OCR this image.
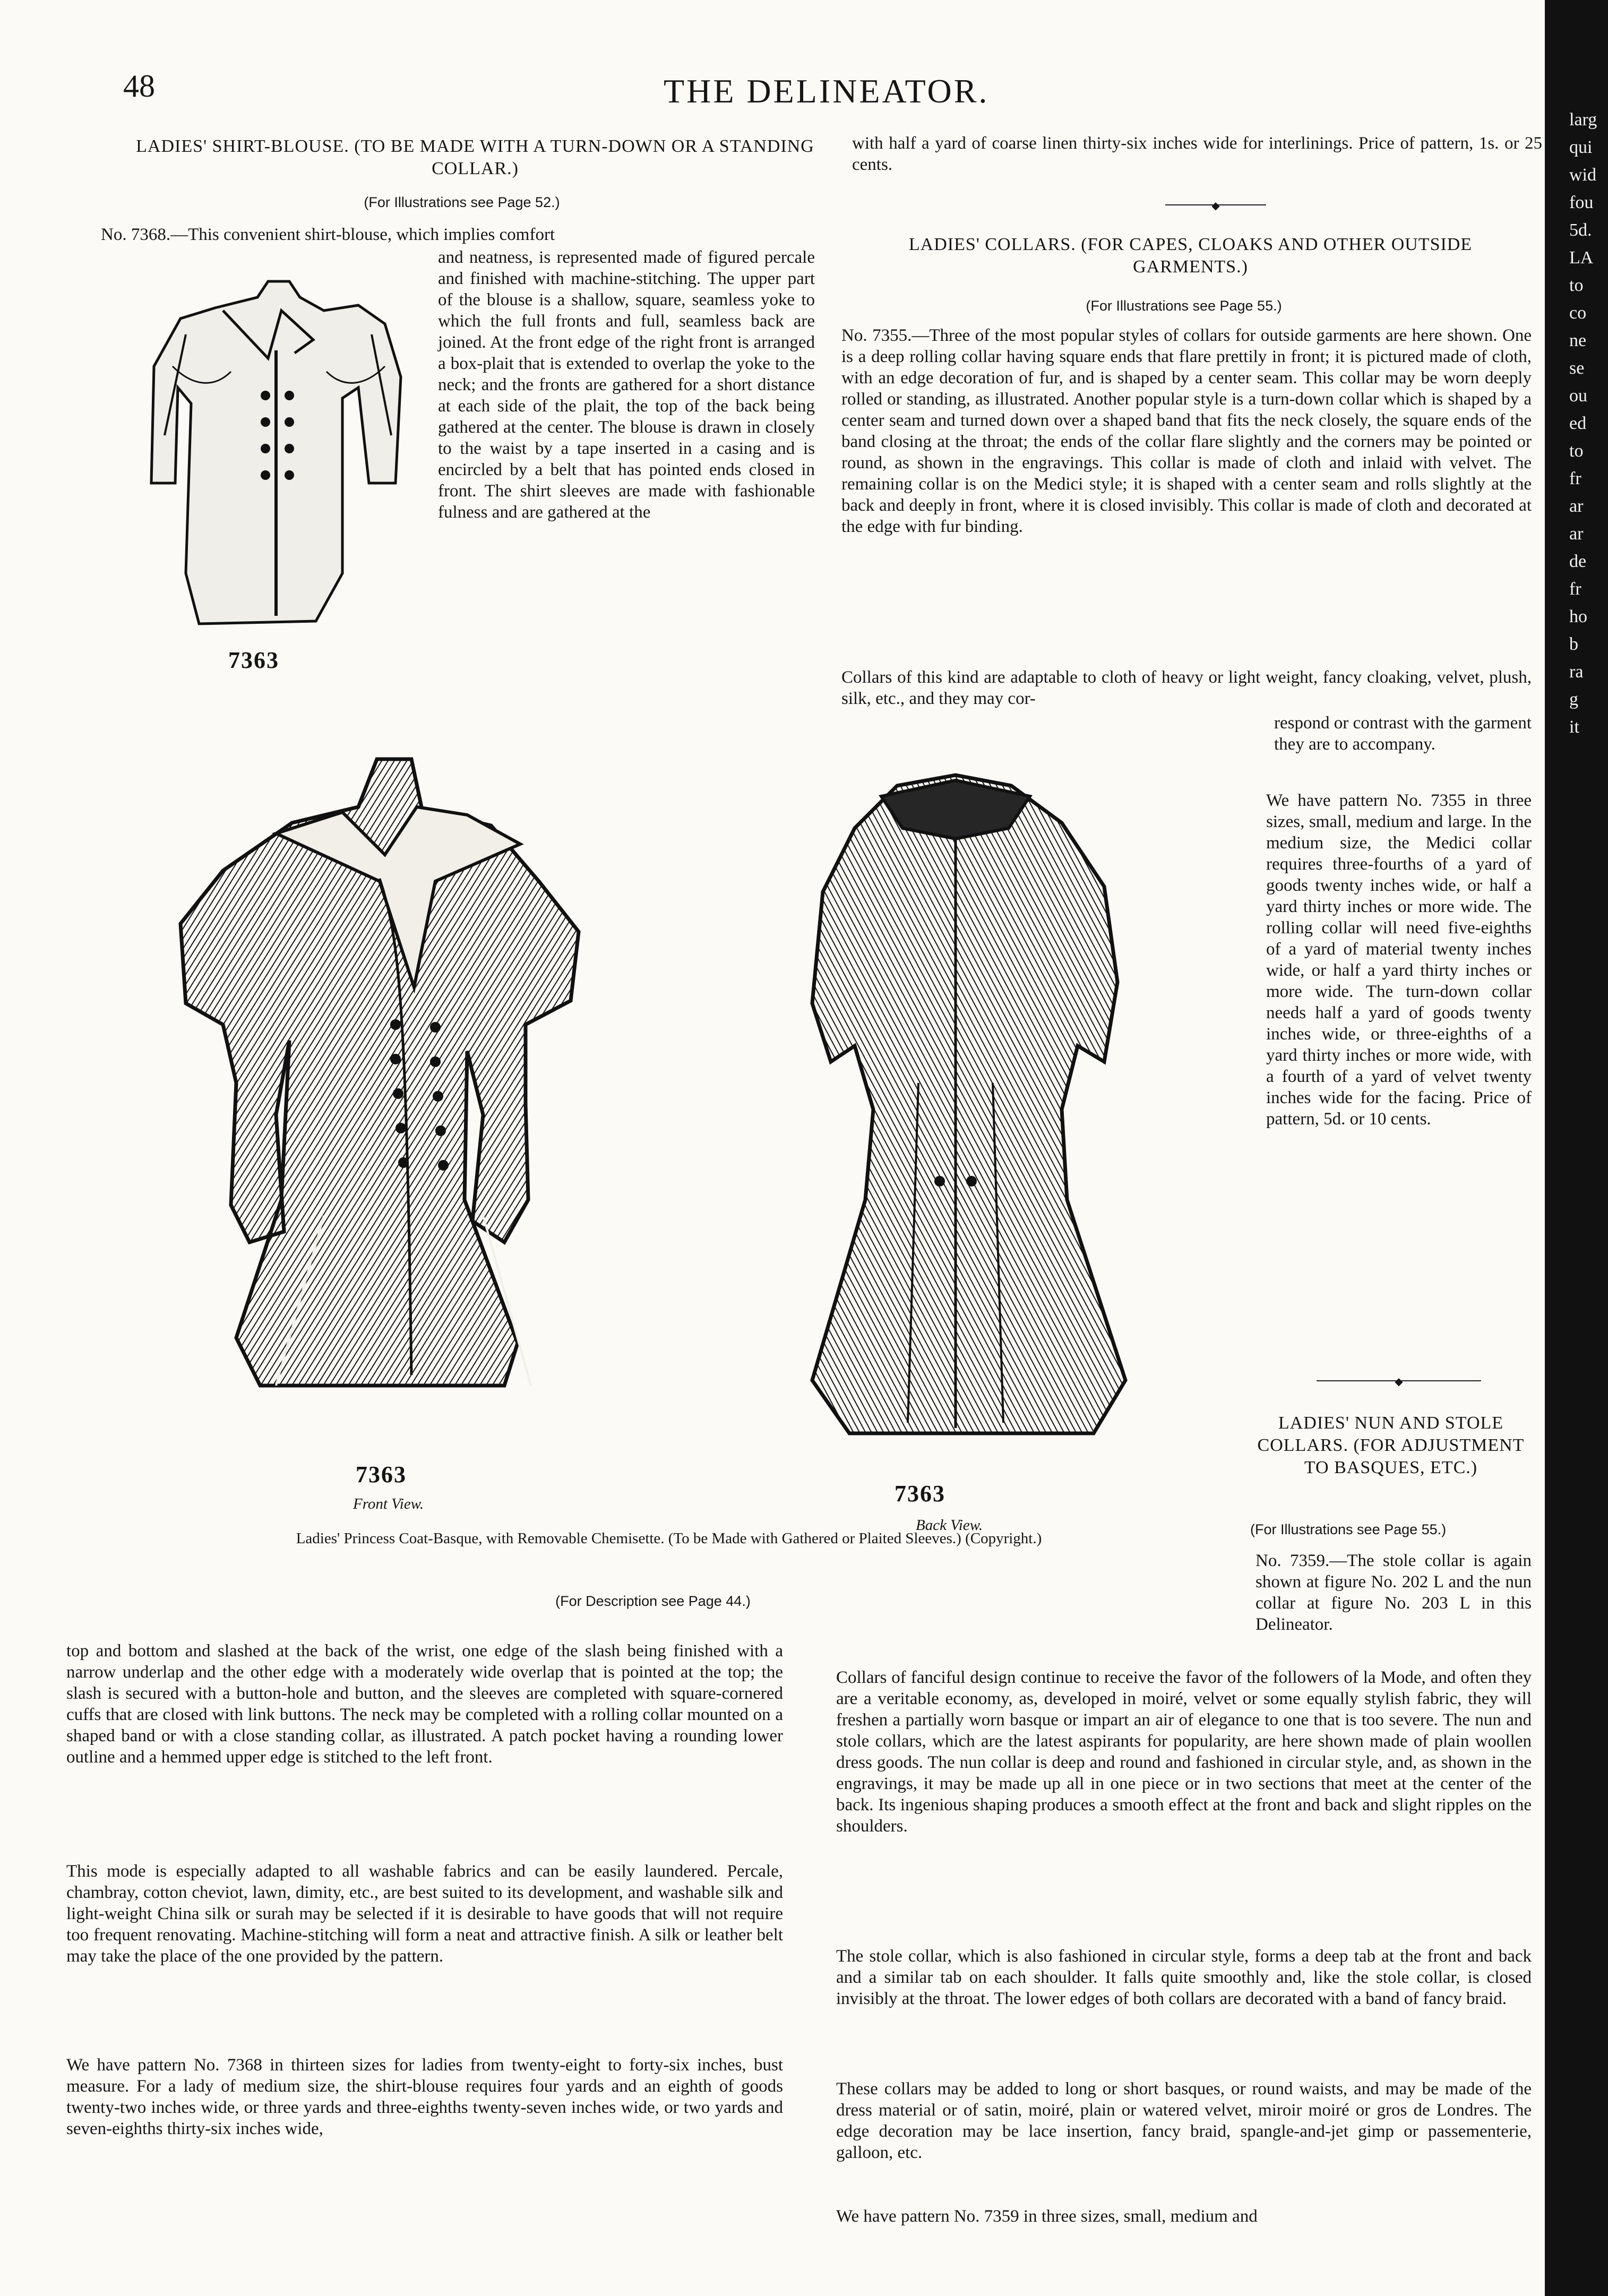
48	THE DELINEATOR.
LADIES' SHIRT-BLOUSE. (TO BE MADE WITH A TURN-DOWN OR A STANDING COLLAR.)
(For Illustrations see Page 52.)
No. 7368.—This convenient shirt-blouse, which implies comfort
and neatness, is represented made of figured percale and finished with machine-stitching. The upper part of the blouse is a shallow, square, seamless yoke to which the full fronts and full, seamless back are joined. At the front edge of the right front is arranged a box-plait that is extended to overlap the yoke to the neck; and the fronts are gathered for a short distance at each side of the plait, the top of the back being gathered at the center. The blouse is drawn in closely to the waist by a tape inserted in a casing and is encircled by a belt that has pointed ends closed in front. The shirt sleeves are made with fashionable fulness and are gathered at the
7363
with half a yard of coarse linen thirty-six inches wide for interlinings. Price of pattern, 1s. or 25 cents.
◆
LADIES' COLLARS. (FOR CAPES, CLOAKS AND OTHER OUTSIDE GARMENTS.)
(For Illustrations see Page 55.)
No. 7355.—Three of the most popular styles of collars for outside garments are here shown. One is a deep rolling collar having square ends that flare prettily in front; it is pictured made of cloth, with an edge decoration of fur, and is shaped by a center seam. This collar may be worn deeply rolled or standing, as illustrated. Another popular style is a turn-down collar which is shaped by a center seam and turned down over a shaped band that fits the neck closely, the square ends of the band closing at the throat; the ends of the collar flare slightly and the corners may be pointed or round, as shown in the engravings. This collar is made of cloth and inlaid with velvet. The remaining collar is on the Medici style; it is shaped with a center seam and rolls slightly at the back and deeply in front, where it is closed invisibly. This collar is made of cloth and decorated at the edge with fur binding.
Collars of this kind are adaptable to cloth of heavy or light weight, fancy cloaking, velvet, plush, silk, etc., and they may cor-
respond or contrast with the garment they are to accompany.
We have pattern No. 7355 in three sizes, small, medium and large. In the medium size, the Medici collar requires three-fourths of a yard of goods twenty inches wide, or half a yard thirty inches or more wide. The rolling collar will need five-eighths of a yard of material twenty inches wide, or half a yard thirty inches or more wide. The turn-down collar needs half a yard of goods twenty inches wide, or three-eighths of a yard thirty inches or more wide, with a fourth of a yard of velvet twenty inches wide for the facing. Price of pattern, 5d. or 10 cents.
◆
LADIES' NUN AND STOLE COLLARS. (FOR ADJUSTMENT TO BASQUES, ETC.)
(For Illustrations see Page 55.)
No. 7359.—The stole collar is again shown at figure No. 202 L and the nun collar at figure No. 203 L in this Delineator.
Collars of fanciful design continue to receive the favor of the followers of la Mode, and often they are a veritable economy, as, developed in moiré, velvet or some equally stylish fabric, they will freshen a partially worn basque or impart an air of elegance to one that is too severe. The nun and stole collars, which are the latest aspirants for popularity, are here shown made of plain woollen dress goods. The nun collar is deep and round and fashioned in circular style, and, as shown in the engravings, it may be made up all in one piece or in two sections that meet at the center of the back. Its ingenious shaping produces a smooth effect at the front and back and slight ripples on the shoulders.
The stole collar, which is also fashioned in circular style, forms a deep tab at the front and back and a similar tab on each shoulder. It falls quite smoothly and, like the stole collar, is closed invisibly at the throat. The lower edges of both collars are decorated with a band of fancy braid.
These collars may be added to long or short basques, or round waists, and may be made of the dress material or of satin, moiré, plain or watered velvet, miroir moiré or gros de Londres. The edge decoration may be lace insertion, fancy braid, spangle-and-jet gimp or passementerie, galloon, etc.
We have pattern No. 7359 in three sizes, small, medium and
7363
Front View.	7363
Back View.
Ladies' Princess Coat-Basque, with Removable Chemisette. (To be Made with Gathered or Plaited Sleeves.) (Copyright.)
(For Description see Page 44.)
top and bottom and slashed at the back of the wrist, one edge of the slash being finished with a narrow underlap and the other edge with a moderately wide overlap that is pointed at the top; the slash is secured with a button-hole and button, and the sleeves are completed with square-cornered cuffs that are closed with link buttons. The neck may be completed with a rolling collar mounted on a shaped band or with a close standing collar, as illustrated. A patch pocket having a rounding lower outline and a hemmed upper edge is stitched to the left front.
This mode is especially adapted to all washable fabrics and can be easily laundered. Percale, chambray, cotton cheviot, lawn, dimity, etc., are best suited to its development, and washable silk and light-weight China silk or surah may be selected if it is desirable to have goods that will not require too frequent renovating. Machine-stitching will form a neat and attractive finish. A silk or leather belt may take the place of the one provided by the pattern.
We have pattern No. 7368 in thirteen sizes for ladies from twenty-eight to forty-six inches, bust measure. For a lady of medium size, the shirt-blouse requires four yards and an eighth of goods twenty-two inches wide, or three yards and three-eighths twenty-seven inches wide, or two yards and seven-eighths thirty-six inches wide,
larg
qui
wid
fou
5d.
LA
to
co
ne
se
ou
ed
to
fr
ar
ar
de
fr
ho
b
ra
g
it
